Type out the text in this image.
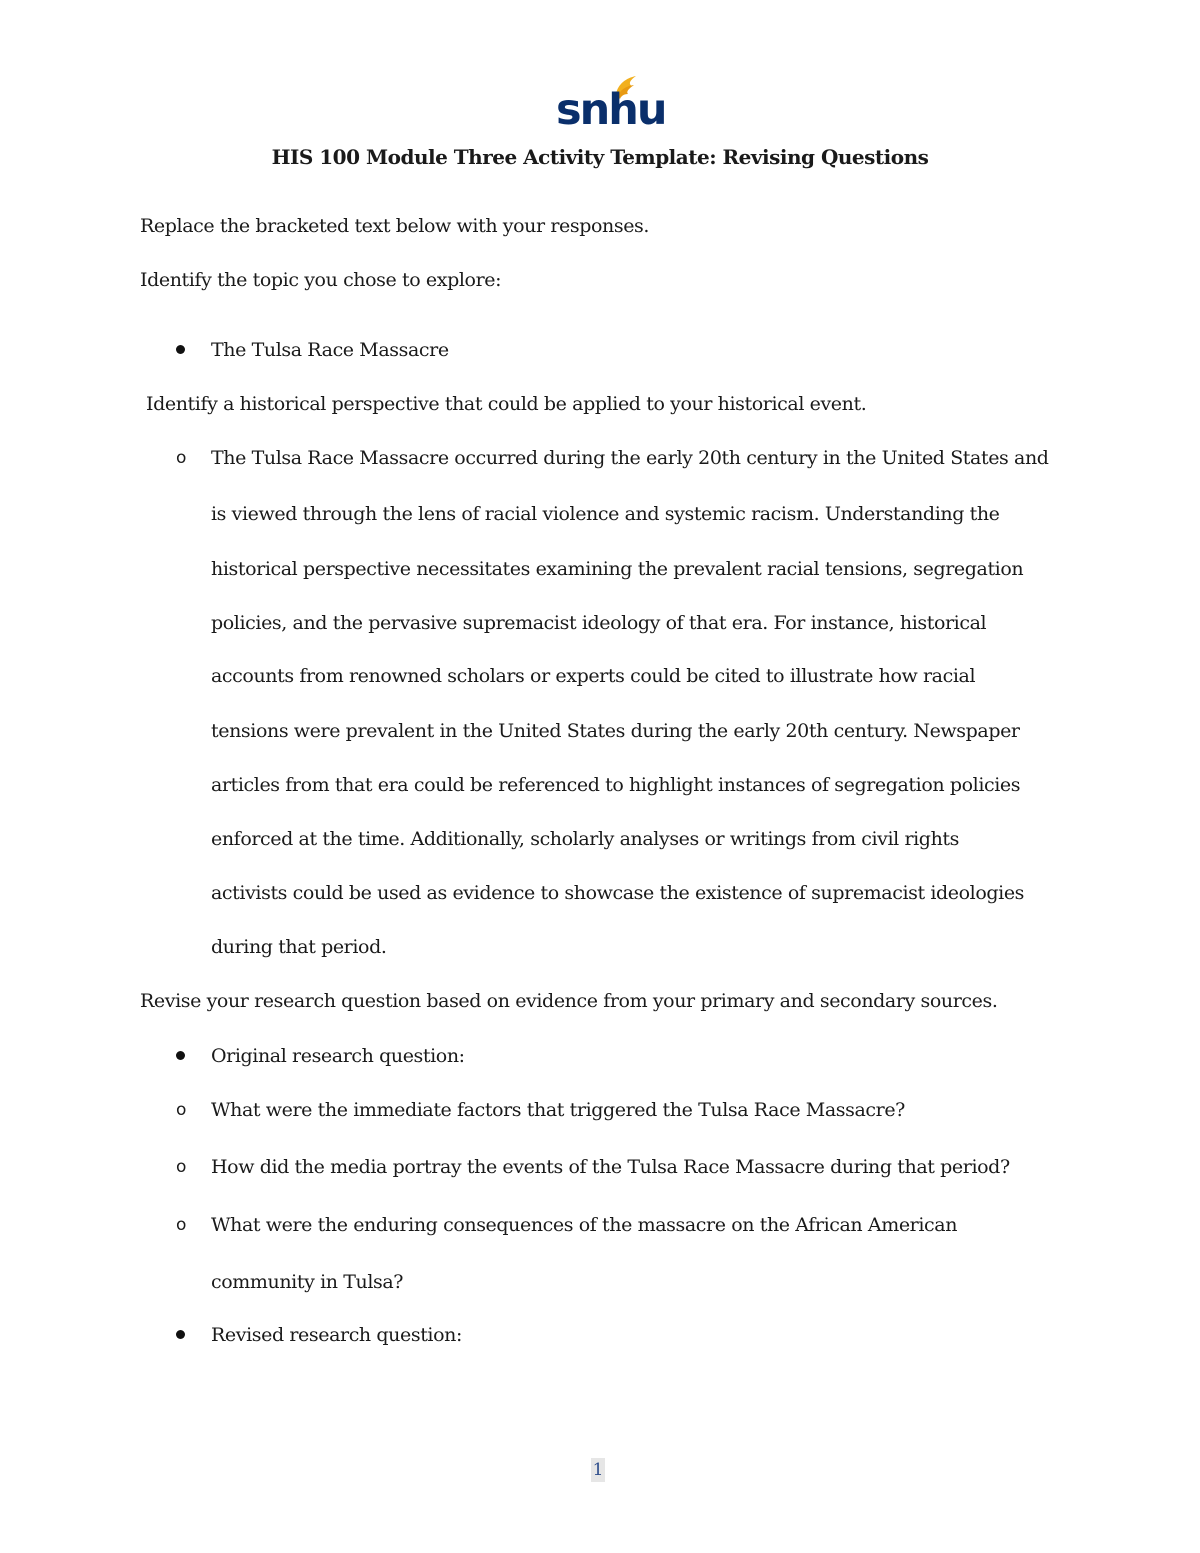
snhu
HIS 100 Module Three Activity Template: Revising Questions
Replace the bracketed text below with your responses.
Identify the topic you chose to explore:
The Tulsa Race Massacre
Identify a historical perspective that could be applied to your historical event.
o The Tulsa Race Massacre occurred during the early 20th century in the United States and
is viewed through the lens of racial violence and systemic racism. Understanding the
historical perspective necessitates examining the prevalent racial tensions, segregation
policies, and the pervasive supremacist ideology of that era. For instance, historical
accounts from renowned scholars or experts could be cited to illustrate how racial
tensions were prevalent in the United States during the early 20th century. Newspaper
articles from that era could be referenced to highlight instances of segregation policies
enforced at the time. Additionally, scholarly analyses or writings from civil rights
activists could be used as evidence to showcase the existence of supremacist ideologies
during that period.
Revise your research question based on evidence from your primary and secondary sources.
Original research question:
o What were the immediate factors that triggered the Tulsa Race Massacre?
o How did the media portray the events of the Tulsa Race Massacre during that period?
o What were the enduring consequences of the massacre on the African American
community in Tulsa?
Revised research question:
1
